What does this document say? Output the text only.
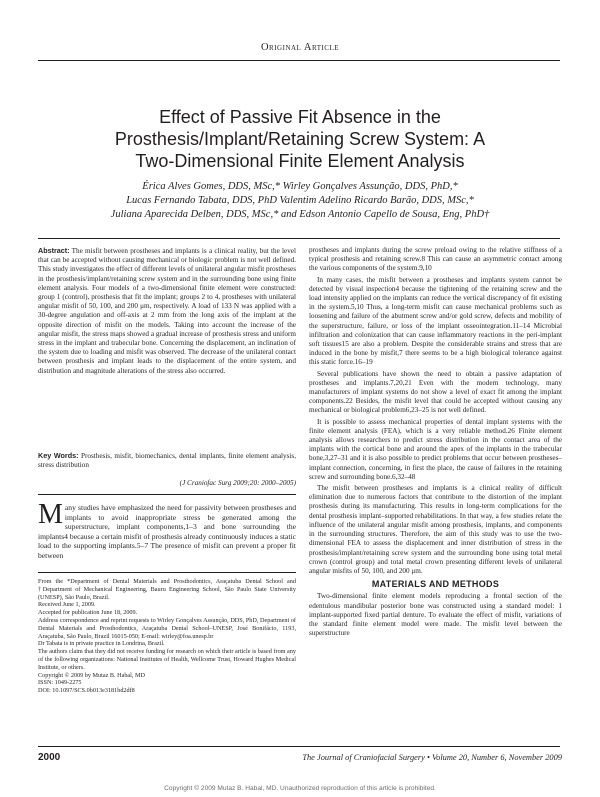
Original Article
Effect of Passive Fit Absence in the
Prosthesis/Implant/Retaining Screw System: A
Two-Dimensional Finite Element Analysis
Érica Alves Gomes, DDS, MSc,* Wirley Gonçalves Assunção, DDS, PhD,*
Lucas Fernando Tabata, DDS, PhD Valentim Adelino Ricardo Barão, DDS, MSc,*
Juliana Aparecida Delben, DDS, MSc,* and Edson Antonio Capello de Sousa, Eng, PhD†

Abstract: The misfit between prostheses and implants is a clinical reality, but the level that can be accepted without causing mechanical or biologic problem is not well defined. This study investigates the effect of different levels of unilateral angular misfit prostheses in the prosthesis/implant/retaining screw system and in the surrounding bone using finite element analysis. Four models of a two-dimensional finite element were constructed: group 1 (control), prosthesis that fit the implant; groups 2 to 4, prostheses with unilateral angular misfit of 50, 100, and 200 μm, respectively. A load of 133 N was applied with a 30-degree angulation and off-axis at 2 mm from the long axis of the implant at the opposite direction of misfit on the models. Taking into account the increase of the angular misfit, the stress maps showed a gradual increase of prosthesis stress and uniform stress in the implant and trabecular bone. Concerning the displacement, an inclination of the system due to loading and misfit was observed. The decrease of the unilateral contact between prosthesis and implant leads to the displacement of the entire system, and distribution and magnitude alterations of the stress also occurred.

Key Words: Prosthesis, misfit, biomechanics, dental implants, finite element analysis, stress distribution
(J Craniofac Surg 2009;20: 2000–2005)
Many studies have emphasized the need for passivity between prostheses and implants to avoid inappropriate stress be generated among the superstructure, implant components,1–3 and bone surrounding the implants4 because a certain misfit of prosthesis already continuously induces a static load to the supporting implants.5–7 The presence of misfit can prevent a proper fit between
From the *Department of Dental Materials and Prosthodontics, Araçatuba Dental School and †Department of Mechanical Engineering, Bauru Engineering School, São Paulo State University (UNESP), São Paulo, Brazil.
Received June 1, 2009.
Accepted for publication June 18, 2009.
Address correspondence and reprint requests to Wirley Gonçalves Assunção, DDS, PhD, Department of Dental Materials and Prosthodontics, Araçatuba Dental School–UNESP, José Bonifácio, 1193, Araçatuba, São Paulo, Brazil 16015-050; E-mail: wirley@foa.unesp.br
Dr Tabata is in private practice in Londrina, Brazil.
The authors claim that they did not receive funding for research on which their article is based from any of the following organizations: National Institutes of Health, Wellcome Trust, Howard Hughes Medical Institute, or others.
Copyright © 2009 by Mutaz B. Habal, MD
ISSN: 1049-2275
DOI: 10.1097/SCS.0b013e3181bd2df8

prostheses and implants during the screw preload owing to the relative stiffness of a typical prosthesis and retaining screw.8 This can cause an asymmetric contact among the various components of the system.9,10

In many cases, the misfit between a prostheses and implants system cannot be detected by visual inspection4 because the tightening of the retaining screw and the load intensity applied on the implants can reduce the vertical discrepancy of fit existing in the system.5,10 Thus, a long-term misfit can cause mechanical problems such as loosening and failure of the abutment screw and/or gold screw, defects and mobility of the superstructure, failure, or loss of the implant osseointegration.11–14 Microbial infiltration and colonization that can cause inflammatory reactions in the peri-implant soft tissues15 are also a problem. Despite the considerable strains and stress that are induced in the bone by misfit,7 there seems to be a high biological tolerance against this static force.16–19

Several publications have shown the need to obtain a passive adaptation of prostheses and implants.7,20,21 Even with the modern technology, many manufacturers of implant systems do not show a level of exact fit among the implant components.22 Besides, the misfit level that could be accepted without causing any mechanical or biological problem6,23–25 is not well defined.

It is possible to assess mechanical properties of dental implant systems with the finite element analysis (FEA), which is a very reliable method.26 Finite element analysis allows researchers to predict stress distribution in the contact area of the implants with the cortical bone and around the apex of the implants in the trabecular bone,3,27–31 and it is also possible to predict problems that occur between prostheses–implant connection, concerning, in first the place, the cause of failures in the retaining screw and surrounding bone.6,32–48

The misfit between prostheses and implants is a clinical reality of difficult elimination due to numerous factors that contribute to the distortion of the implant prosthesis during its manufacturing. This results in long-term complications for the dental prosthesis implant–supported rehabilitations. In that way, a few studies relate the influence of the unilateral angular misfit among prosthesis, implants, and components in the surrounding structures. Therefore, the aim of this study was to use the two-dimensional FEA to assess the displacement and inner distribution of stress in the prosthesis/implant/retaining screw system and the surrounding bone using total metal crown (control group) and total metal crown presenting different levels of unilateral angular misfits of 50, 100, and 200 μm.

MATERIALS AND METHODS

Two-dimensional finite element models reproducing a frontal section of the edentulous mandibular posterior bone was constructed using a standard model: 1 implant-supported fixed partial denture. To evaluate the effect of misfit, variations of the standard finite element model were made. The misfit level between the superstructure

2000	The Journal of Craniofacial Surgery • Volume 20, Number 6, November 2009
Copyright © 2009 Mutaz B. Habal, MD. Unauthorized reproduction of this article is prohibited.
